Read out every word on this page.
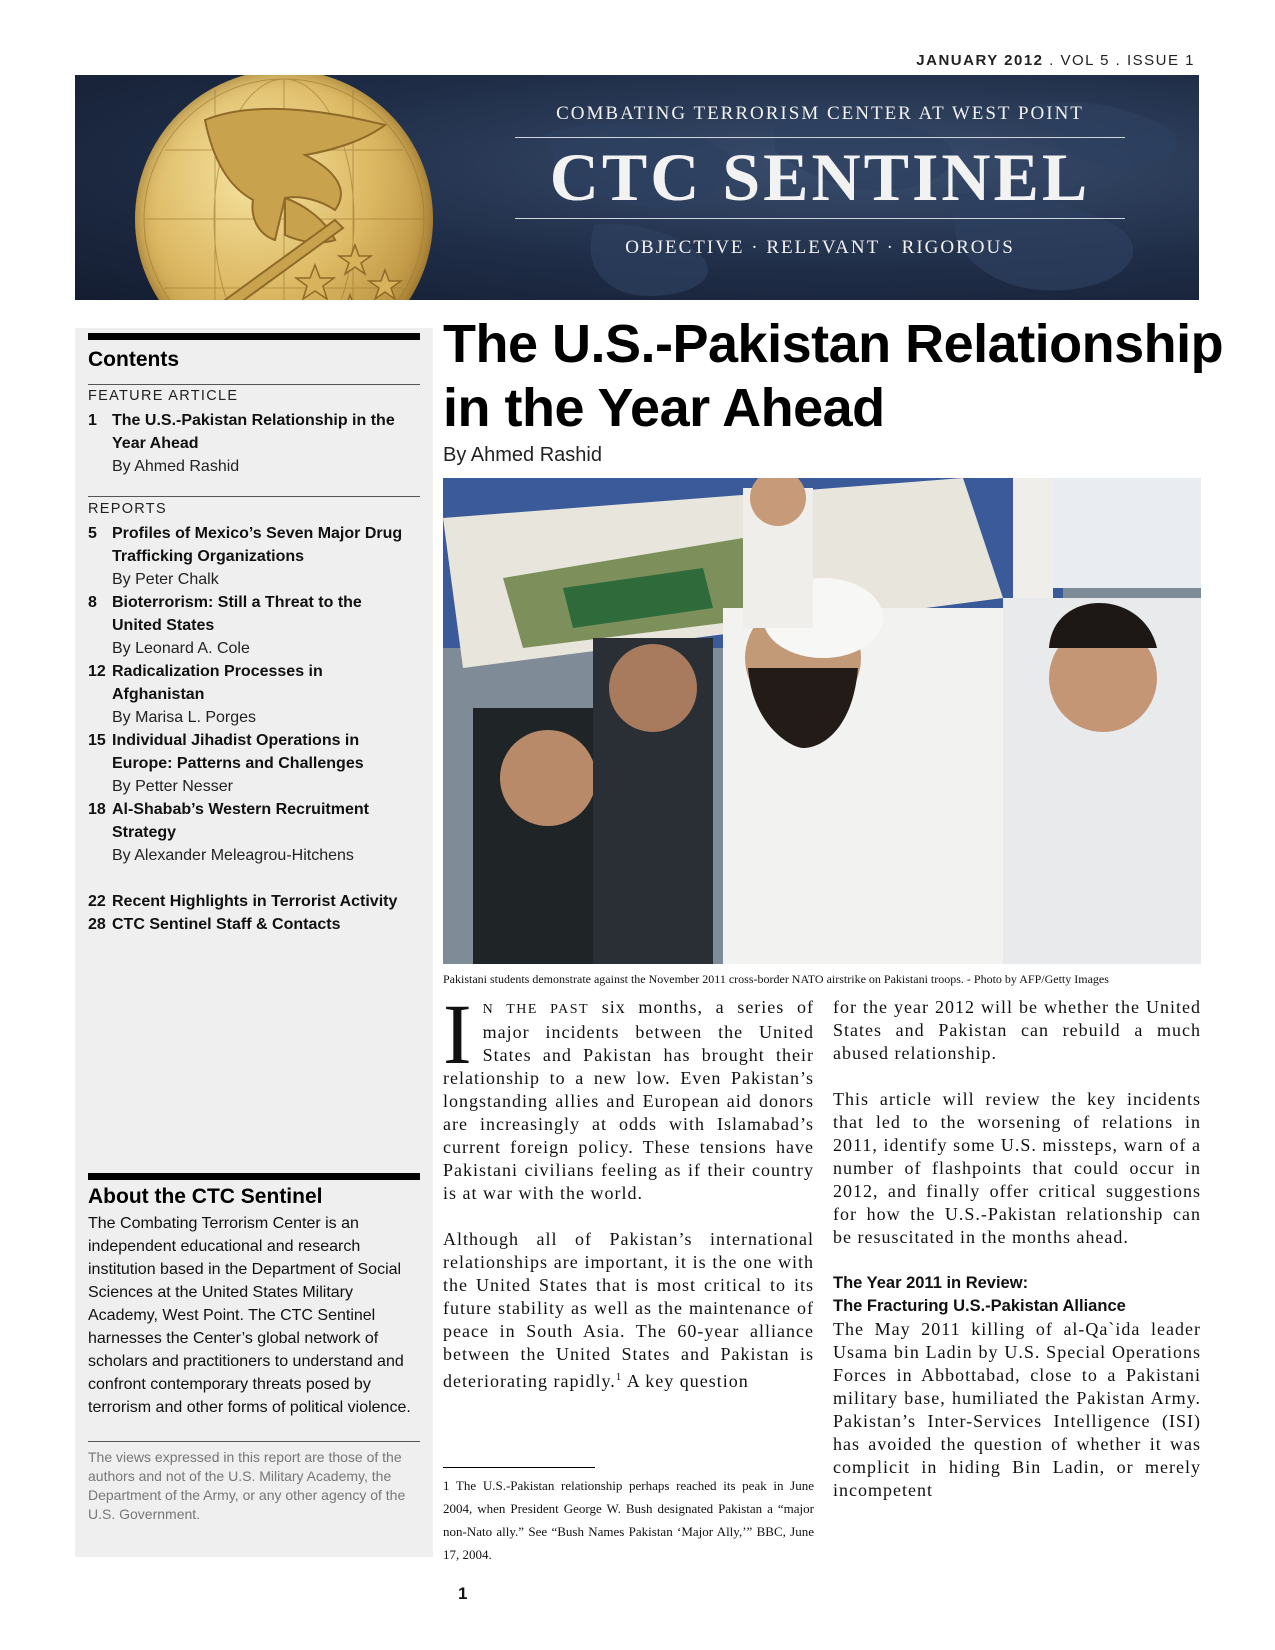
JANUARY 2012 . VOL 5 . ISSUE 1
COMBATING TERRORISM CENTER AT WEST POINT
CTC SENTINEL
OBJECTIVE · RELEVANT · RIGOROUS
Contents
FEATURE ARTICLE
1 The U.S.-Pakistan Relationship in the Year Ahead
By Ahmed Rashid
REPORTS
5 Profiles of Mexico’s Seven Major Drug Trafficking Organizations
By Peter Chalk
8 Bioterrorism: Still a Threat to the United States
By Leonard A. Cole
12 Radicalization Processes in Afghanistan
By Marisa L. Porges
15 Individual Jihadist Operations in Europe: Patterns and Challenges
By Petter Nesser
18 Al-Shabab’s Western Recruitment Strategy
By Alexander Meleagrou-Hitchens
22 Recent Highlights in Terrorist Activity
28 CTC Sentinel Staff & Contacts
About the CTC Sentinel
The Combating Terrorism Center is an independent educational and research institution based in the Department of Social Sciences at the United States Military Academy, West Point. The CTC Sentinel harnesses the Center’s global network of scholars and practitioners to understand and confront contemporary threats posed by terrorism and other forms of political violence.
The views expressed in this report are those of the authors and not of the U.S. Military Academy, the Department of the Army, or any other agency of the U.S. Government.
The U.S.-Pakistan Relationship in the Year Ahead
By Ahmed Rashid
Pakistani students demonstrate against the November 2011 cross-border NATO airstrike on Pakistani troops. - Photo by AFP/Getty Images

IN THE PAST six months, a series of major incidents between the United States and Pakistan has brought their relationship to a new low. Even Pakistan’s longstanding allies and European aid donors are increasingly at odds with Islamabad’s current foreign policy. These tensions have Pakistani civilians feeling as if their country is at war with the world.

Although all of Pakistan’s international relationships are important, it is the one with the United States that is most critical to its future stability as well as the maintenance of peace in South Asia. The 60-year alliance between the United States and Pakistan is deteriorating rapidly.$^1$ A key question

for the year 2012 will be whether the United States and Pakistan can rebuild a much abused relationship.

This article will review the key incidents that led to the worsening of relations in 2011, identify some U.S. missteps, warn of a number of flashpoints that could occur in 2012, and finally offer critical suggestions for how the U.S.-Pakistan relationship can be resuscitated in the months ahead.

The Year 2011 in Review:
The Fracturing U.S.-Pakistan Alliance

The May 2011 killing of al-Qa`ida leader Usama bin Ladin by U.S. Special Operations Forces in Abbottabad, close to a Pakistani military base, humiliated the Pakistan Army. Pakistan’s Inter-Services Intelligence (ISI) has avoided the question of whether it was complicit in hiding Bin Ladin, or merely incompetent

1 The U.S.-Pakistan relationship perhaps reached its peak in June 2004, when President George W. Bush designated Pakistan a “major non-Nato ally.” See “Bush Names Pakistan ‘Major Ally,’” BBC, June 17, 2004.
1
